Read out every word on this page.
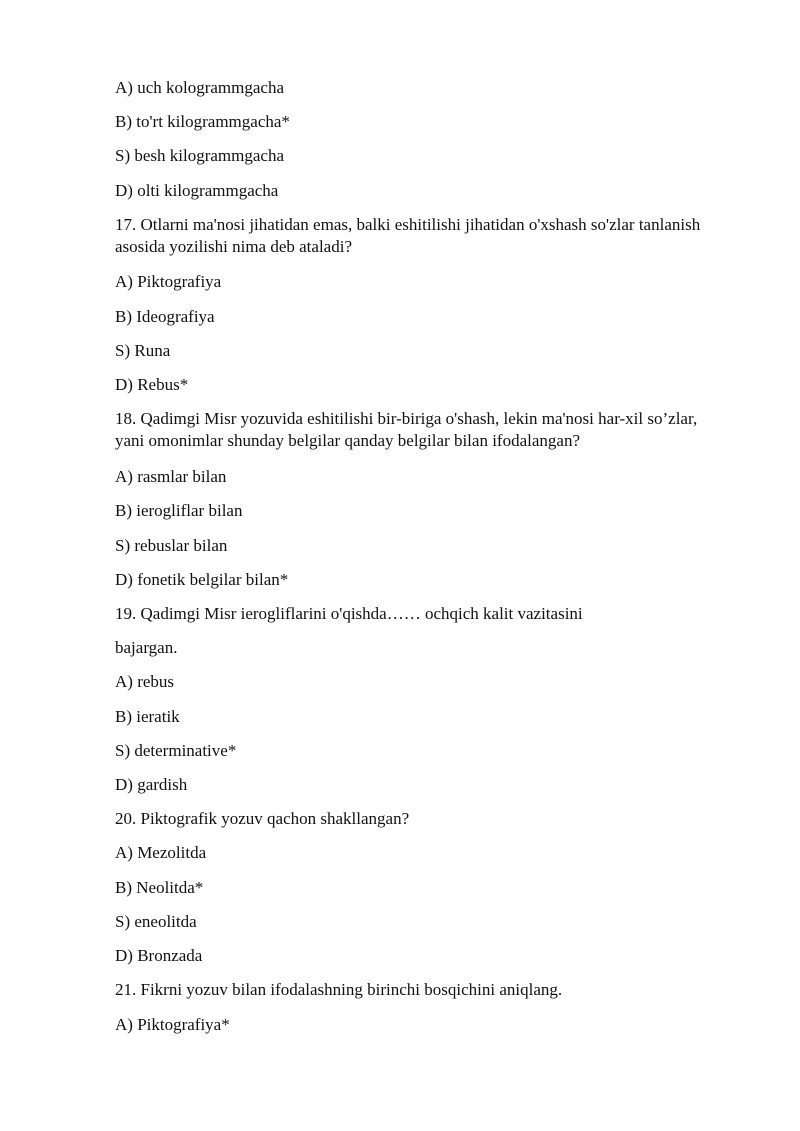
A) uch kologrammgacha
B) to'rt kilogrammgacha*
S) besh kilogrammgacha
D) olti kilogrammgacha
17. Otlarni ma'nosi jihatidan emas, balki eshitilishi jihatidan o'xshash so'zlar tanlanish asosida yozilishi nima deb ataladi?
A) Piktografiya
B) Ideografiya
S) Runa
D) Rebus*
18. Qadimgi Misr yozuvida eshitilishi bir-biriga o'shash, lekin ma'nosi har-xil so’zlar, yani omonimlar shunday belgilar qanday belgilar bilan ifodalangan?
A) rasmlar bilan
B) ierogliflar bilan
S) rebuslar bilan
D) fonetik belgilar bilan*
19. Qadimgi Misr ierogliflarini o'qishda…… ochqich kalit vazitasini
bajargan.
A) rebus
B) ieratik
S) determinative*
D) gardish
20. Piktografik yozuv qachon shakllangan?
A) Mezolitda
B) Neolitda*
S) eneolitda
D) Bronzada
21. Fikrni yozuv bilan ifodalashning birinchi bosqichini aniqlang.
A) Piktografiya*
